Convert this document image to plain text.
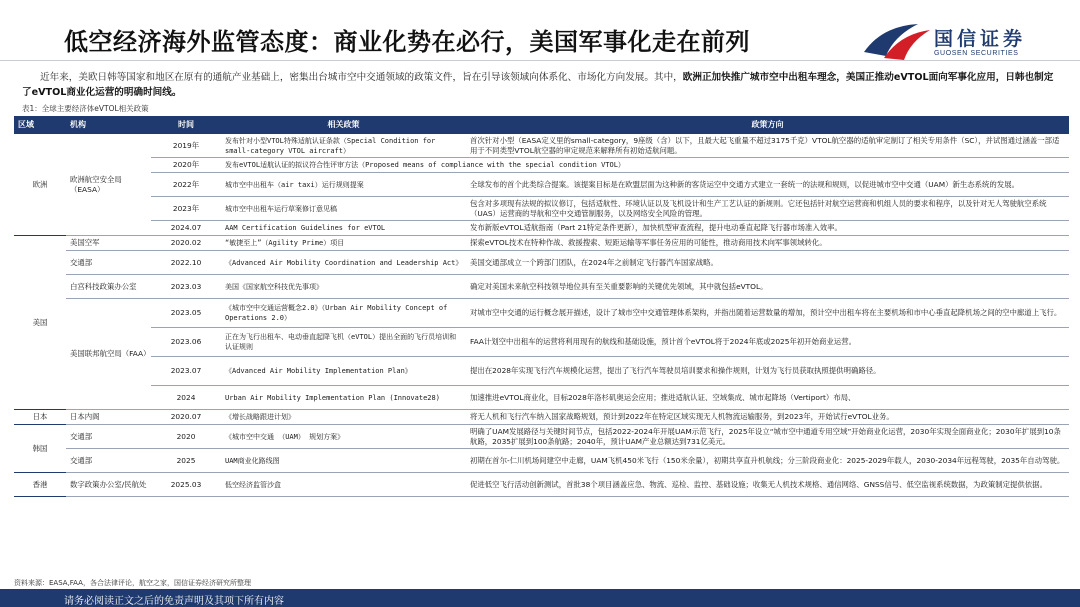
低空经济海外监管态度：商业化势在必行，美国军事化走在前列	国信证券
GUOSEN SECURITIES
近年来，美欧日韩等国家和地区在原有的通航产业基础上，密集出台城市空中交通领域的政策文件，旨在引导该领域向体系化、市场化方向发展。其中，欧洲正加快推广城市空中出租车理念，美国正推动eVTOL面向军事化应用，日韩也制定了eVTOL商业化运营的明确时间线。
表1：全球主要经济体eVTOL相关政策
区域	机构	时间	相关政策	政策方向
欧洲	欧洲航空安全局（EASA）	2019年	发布针对小型VTOL特殊适航认证条款（Special Condition for small-category VTOL aircraft）	首次针对小型（EASA定义里的small-category，9座级（含）以下，且最大起飞重量不超过3175千克）VTOL航空器的适航审定制订了相关专用条件（SC），并试图通过涵盖一部适用于不同类型VTOL航空器的审定规范来解释所有初始适航问题。
		2020年	发布eVTOL适航认证的拟议符合性评审方法（Proposed means of compliance with the special condition VTOL）	
		2022年	城市空中出租车（air taxi）运行规则提案	全球发布的首个此类综合提案。该提案目标是在欧盟层面为这种新的客货运空中交通方式建立一套统一的法规和规则，以促进城市空中交通（UAM）新生态系统的发展。
		2023年	城市空中出租车运行草案修订意见稿	包含对多项现有法规的拟议修订，包括适航性、环境认证以及飞机设计和生产工艺认证的新规则。它还包括针对航空运营商和机组人员的要求和程序，以及针对无人驾驶航空系统（UAS）运营商的导航和空中交通管制服务，以及网络安全风险的管理。
		2024.07	AAM Certification Guidelines for eVTOL	发布新版eVTOL适航指南（Part 21特定条件更新），加快机型审查流程，提升电动垂直起降飞行器市场准入效率。
美国	美国空军	2020.02	“敏捷至上”（Agility Prime）项目	探索eVTOL技术在特种作战、救援搜索、短距运输等军事任务应用的可能性，推动商用技术向军事领域转化。
	交通部	2022.10	《Advanced Air Mobility Coordination and Leadership Act》	美国交通部成立一个跨部门团队，在2024年之前制定飞行器汽车国家战略。
	白宫科技政策办公室	2023.03	美国《国家航空科技优先事项》	确定对美国未来航空科技领导地位具有至关重要影响的关键优先领域，其中就包括eVTOL。
	美国联邦航空局（FAA）	2023.05	《城市空中交通运营概念2.0》（Urban Air Mobility Concept of Operations 2.0）	对城市空中交通的运行概念展开描述，设计了城市空中交通管理体系架构，并指出随着运营数量的增加，预计空中出租车将在主要机场和市中心垂直起降机场之间的空中廊道上飞行。
		2023.06	正在为飞行出租车、电动垂直起降飞机（eVTOL）提出全面的飞行员培训和认证规则	FAA计划空中出租车的运营将利用现有的航线和基础设施，预计首个eVTOL将于2024年底或2025年初开始商业运营。
		2023.07	《Advanced Air Mobility Implementation Plan》	提出在2028年实现飞行汽车规模化运营，提出了飞行汽车驾驶员培训要求和操作规则，计划为飞行员获取执照提供明确路径。
		2024	Urban Air Mobility Implementation Plan (Innovate28)	加速推进eVTOL商业化，目标2028年洛杉矶奥运会应用；推进适航认证、空域集成、城市起降场（Vertiport）布局、
日本	日本内阁	2020.07	《增长战略跟进计划》	将无人机和飞行汽车纳入国家战略规划，预计到2022年在特定区域实现无人机物流运输服务，到2023年，开始试行eVTOL业务。
韩国	交通部	2020	《城市空中交通 （UAM） 规划方案》	明确了UAM发展路径与关键时间节点，包括2022-2024年开展UAM示范飞行，2025年设立“城市空中通道专用空域”开始商业化运营，2030年实现全面商业化；2030年扩展到10条航路，2035扩展到100条航路；2040年，预计UAM产业总额达到731亿美元。
	交通部	2025	UAM商业化路线图	初期在首尔-仁川机场间建空中走廊，UAM飞机450米飞行（150米余量），初期共享直升机航线；分三阶段商业化：2025-2029年载人，2030-2034年远程驾驶，2035年自动驾驶。
香港	数字政策办公室/民航处	2025.03	低空经济监管沙盒	促进低空飞行活动创新测试，首批38个项目涵盖应急、物流、巡检、监控、基础设施；收集无人机技术规格、通信网络、GNSS信号、低空监视系统数据，为政策制定提供依据。
资料来源：EASA,FAA，各合法律评论，航空之家，国信证券经济研究所整理
请务必阅读正文之后的免责声明及其项下所有内容
